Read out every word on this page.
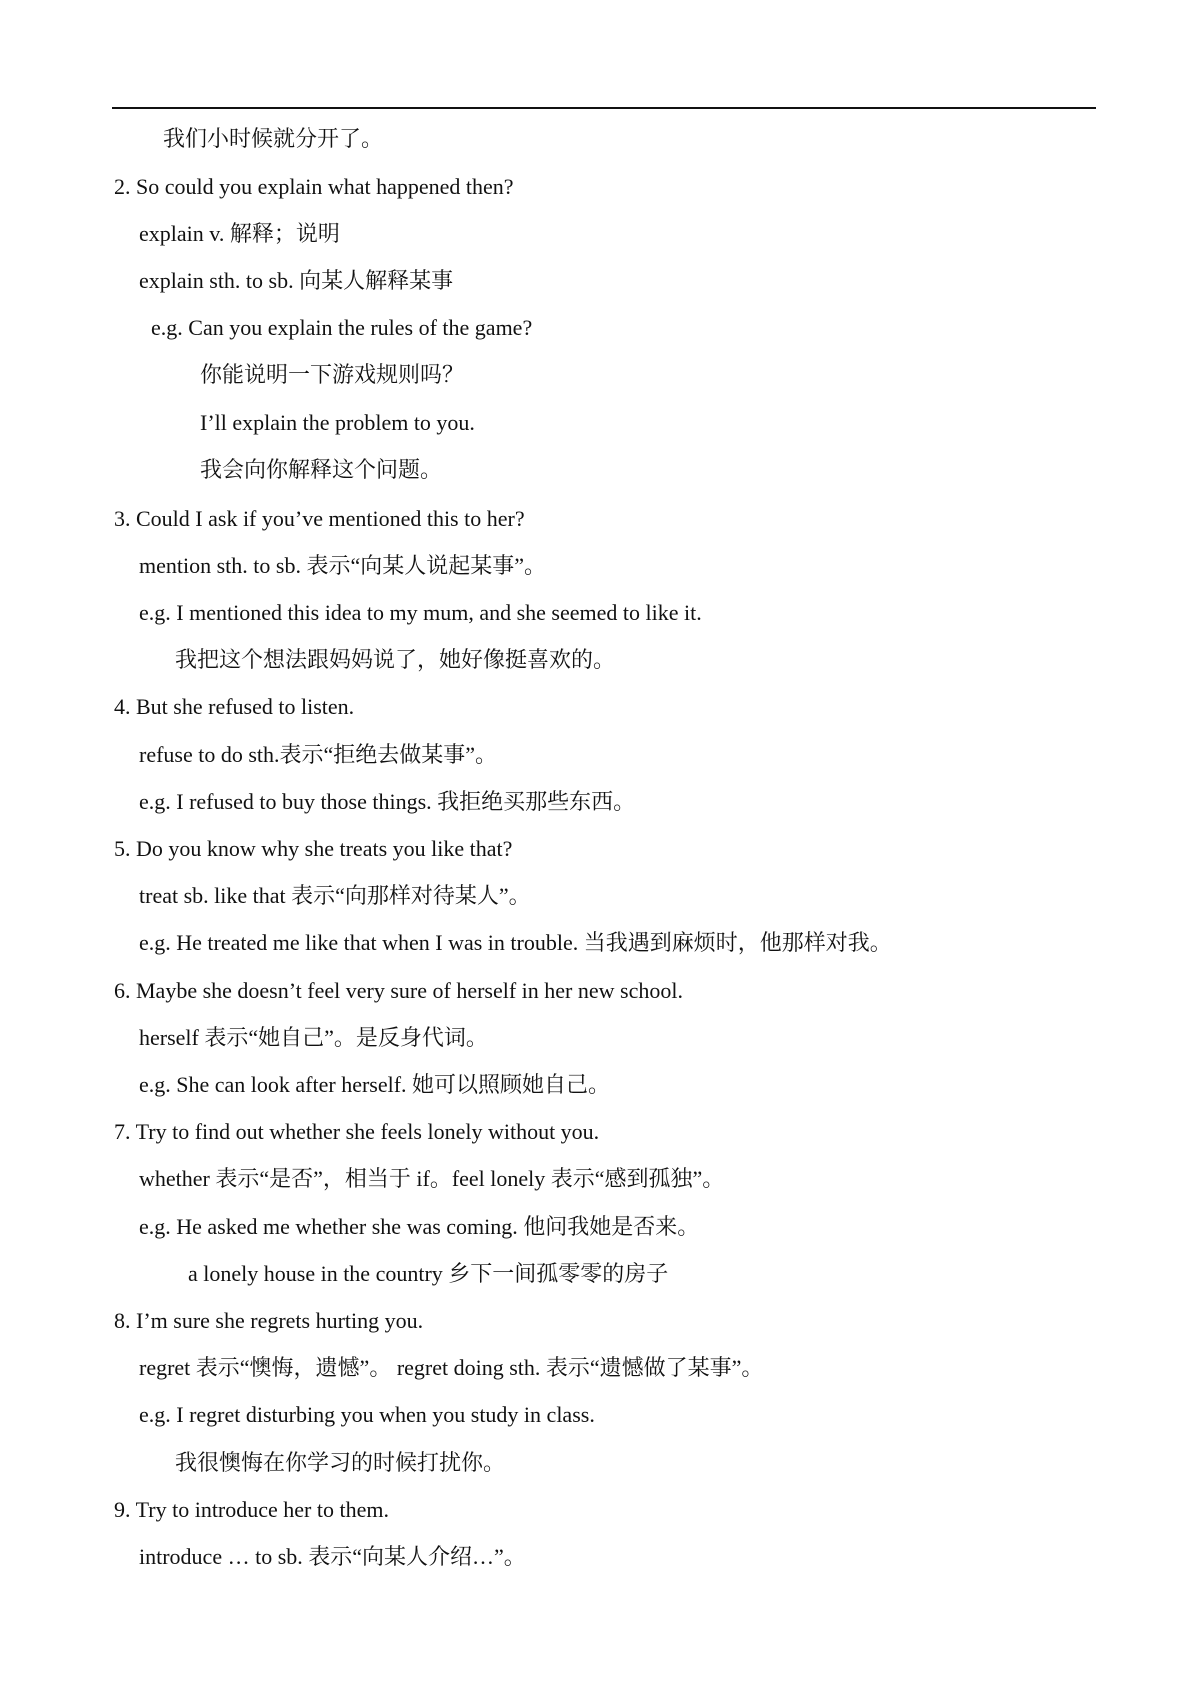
我们小时候就分开了。
2. So could you explain what happened then?
explain v. 解释；说明
explain sth. to sb. 向某人解释某事
e.g. Can you explain the rules of the game?
你能说明一下游戏规则吗？
I’ll explain the problem to you.
我会向你解释这个问题。
3. Could I ask if you’ve mentioned this to her?
mention sth. to sb. 表示“向某人说起某事”。
e.g. I mentioned this idea to my mum, and she seemed to like it.
我把这个想法跟妈妈说了，她好像挺喜欢的。
4. But she refused to listen.
refuse to do sth.表示“拒绝去做某事”。
e.g. I refused to buy those things. 我拒绝买那些东西。
5. Do you know why she treats you like that?
treat sb. like that 表示“向那样对待某人”。
e.g. He treated me like that when I was in trouble. 当我遇到麻烦时，他那样对我。
6. Maybe she doesn’t feel very sure of herself in her new school.
herself 表示“她自己”。是反身代词。
e.g. She can look after herself. 她可以照顾她自己。
7. Try to find out whether she feels lonely without you.
whether 表示“是否”，相当于 if。feel lonely 表示“感到孤独”。
e.g. He asked me whether she was coming. 他问我她是否来。
a lonely house in the country 乡下一间孤零零的房子
8. I’m sure she regrets hurting you.
regret 表示“懊悔，遗憾”。 regret doing sth. 表示“遗憾做了某事”。
e.g. I regret disturbing you when you study in class.
我很懊悔在你学习的时候打扰你。
9. Try to introduce her to them.
introduce … to sb. 表示“向某人介绍…”。
